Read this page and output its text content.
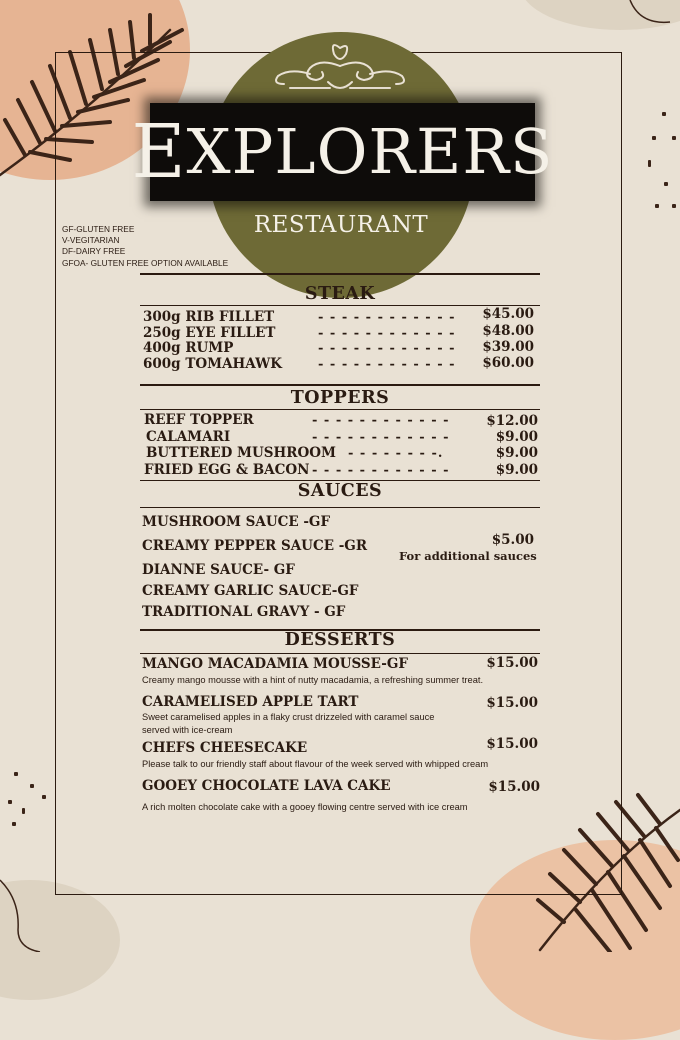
E XPLORERS
RESTAURANT
GF-GLUTEN FREE
V-VEGITARIAN
DF-DAIRY FREE
GFOA- GLUTEN FREE OPTION AVAILABLE
STEAK
300g RIB FILLET	- - - - - - - - - - - -	$45.00
250g EYE FILLET	- - - - - - - - - - - -	$48.00
400g RUMP	- - - - - - - - - - - -	$39.00
600g TOMAHAWK	- - - - - - - - - - - -	$60.00
TOPPERS
REEF TOPPER	- - - - - - - - - - - -	$12.00
CALAMARI	- - - - - - - - - - - -	$9.00
BUTTERED MUSHROOM - - - - - - - -.	$9.00
FRIED EGG & BACON - - - - - - - - - - - -	$9.00
SAUCES
MUSHROOM SAUCE -GF
CREAMY PEPPER SAUCE -GR
DIANNE SAUCE- GF
CREAMY GARLIC SAUCE-GF
TRADITIONAL GRAVY - GF
$5.00
For additional sauces
DESSERTS
MANGO MACADAMIA MOUSSE-GF	$15.00
Creamy mango mousse with a hint of nutty macadamia, a refreshing summer treat.
CARAMELISED APPLE TART	$15.00
Sweet caramelised apples in a flaky crust drizzeled with caramel sauce
served with ice-cream
CHEFS CHEESECAKE	$15.00
Please talk to our friendly staff about flavour of the week served with whipped cream
GOOEY CHOCOLATE LAVA CAKE	$15.00
A rich molten chocolate cake with a gooey flowing centre served with ice cream
